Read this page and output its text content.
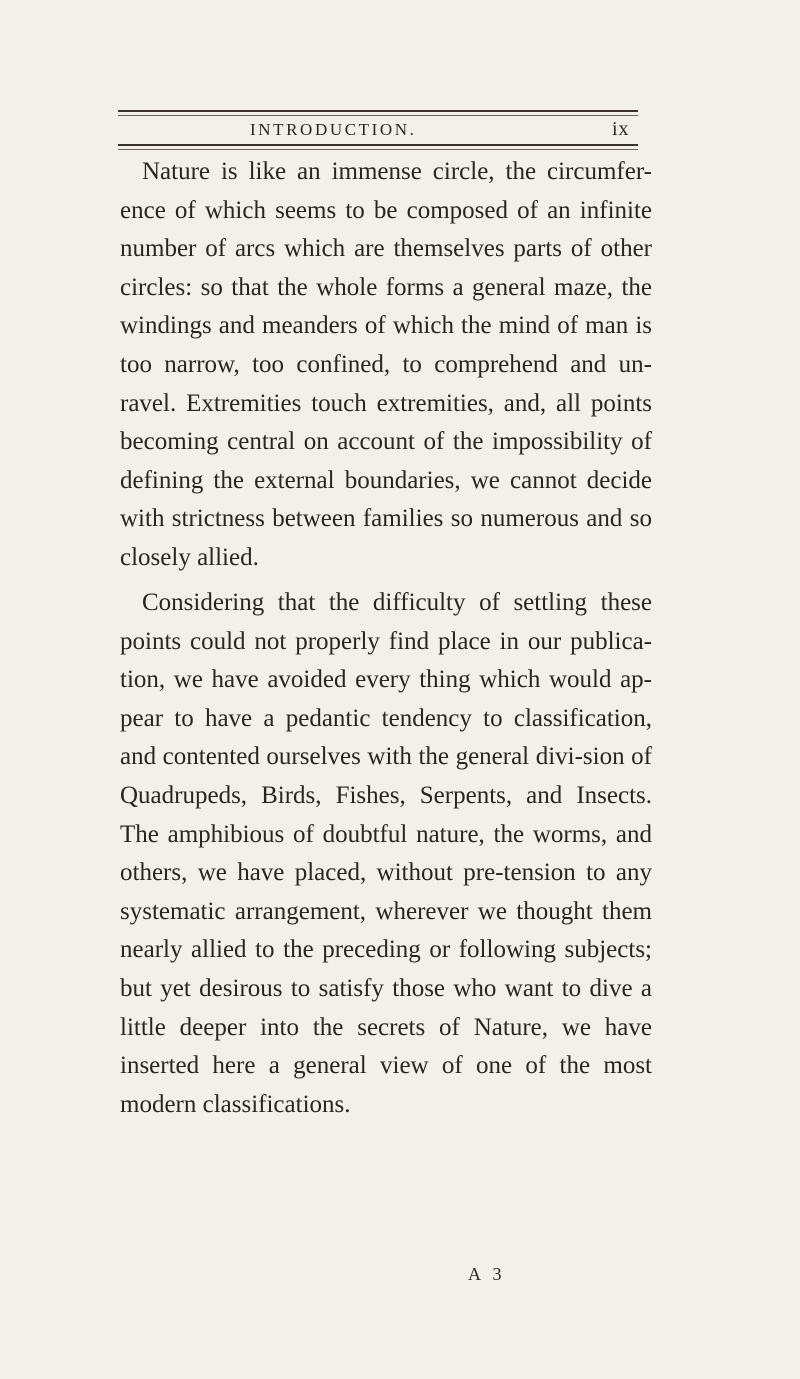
INTRODUCTION.	ix
Nature is like an immense circle, the circumfer-ence of which seems to be composed of an infinite number of arcs which are themselves parts of other circles: so that the whole forms a general maze, the windings and meanders of which the mind of man is too narrow, too confined, to comprehend and un-ravel. Extremities touch extremities, and, all points becoming central on account of the impossibility of defining the external boundaries, we cannot decide with strictness between families so numerous and so closely allied.
Considering that the difficulty of settling these points could not properly find place in our publica-tion, we have avoided every thing which would ap-pear to have a pedantic tendency to classification, and contented ourselves with the general divi-sion of Quadrupeds, Birds, Fishes, Serpents, and Insects. The amphibious of doubtful nature, the worms, and others, we have placed, without pre-tension to any systematic arrangement, wherever we thought them nearly allied to the preceding or following subjects; but yet desirous to satisfy those who want to dive a little deeper into the secrets of Nature, we have inserted here a general view of one of the most modern classifications.
A 3
